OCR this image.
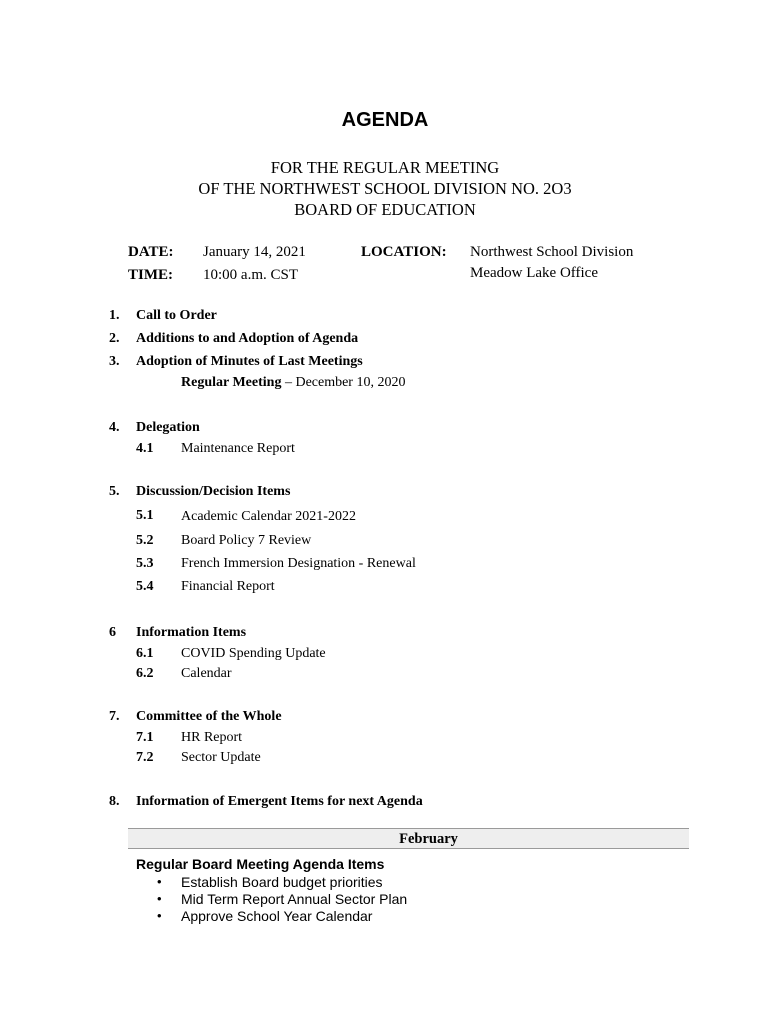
AGENDA
FOR THE REGULAR MEETING
OF THE NORTHWEST SCHOOL DIVISION NO. 2O3
BOARD OF EDUCATION
DATE: January 14, 2021
TIME: 10:00 a.m. CST
LOCATION: Northwest School Division
Meadow Lake Office
1. Call to Order
2. Additions to and Adoption of Agenda
3. Adoption of Minutes of Last Meetings
Regular Meeting – December 10, 2020
4. Delegation
4.1 Maintenance Report
5. Discussion/Decision Items
5.1 Academic Calendar 2021-2022
5.2 Board Policy 7 Review
5.3 French Immersion Designation - Renewal
5.4 Financial Report
6 Information Items
6.1 COVID Spending Update
6.2 Calendar
7. Committee of the Whole
7.1 HR Report
7.2 Sector Update
8. Information of Emergent Items for next Agenda
February
Regular Board Meeting Agenda Items
• Establish Board budget priorities
• Mid Term Report Annual Sector Plan
• Approve School Year Calendar
